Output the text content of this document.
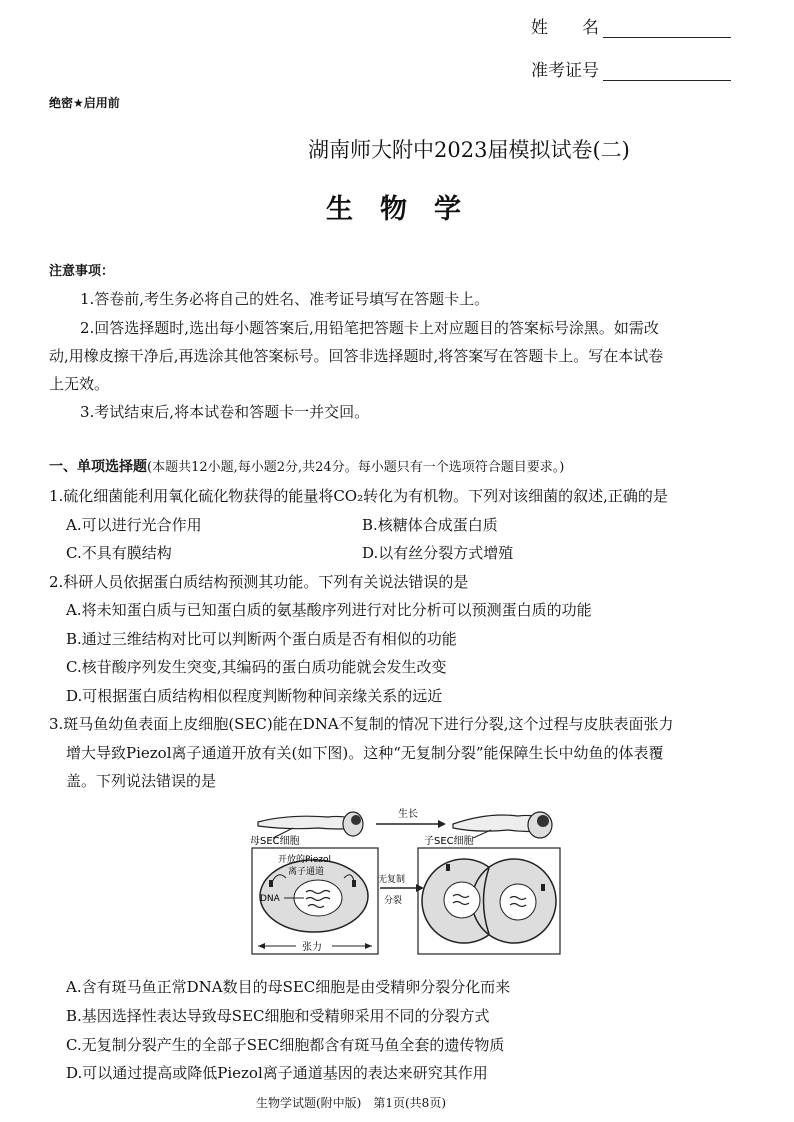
姓　　名
准考证号
绝密★启用前
湖南师大附中2023届模拟试卷(二)
生　物　学
注意事项：
1.答卷前,考生务必将自己的姓名、准考证号填写在答题卡上。
2.回答选择题时,选出每小题答案后,用铅笔把答题卡上对应题目的答案标号涂黑。如需改
动,用橡皮擦干净后,再选涂其他答案标号。回答非选择题时,将答案写在答题卡上。写在本试卷
上无效。
3.考试结束后,将本试卷和答题卡一并交回。
一、单项选择题(本题共12小题,每小题2分,共24分。每小题只有一个选项符合题目要求。)
1.硫化细菌能利用氧化硫化物获得的能量将CO₂转化为有机物。下列对该细菌的叙述,正确的是
A.可以进行光合作用	B.核糖体合成蛋白质
C.不具有膜结构	D.以有丝分裂方式增殖
2.科研人员依据蛋白质结构预测其功能。下列有关说法错误的是
A.将未知蛋白质与已知蛋白质的氨基酸序列进行对比分析可以预测蛋白质的功能
B.通过三维结构对比可以判断两个蛋白质是否有相似的功能
C.核苷酸序列发生突变,其编码的蛋白质功能就会发生改变
D.可根据蛋白质结构相似程度判断物种间亲缘关系的远近
3.斑马鱼幼鱼表面上皮细胞(SEC)能在DNA不复制的情况下进行分裂,这个过程与皮肤表面张力
增大导致Piezol离子通道开放有关(如下图)。这种“无复制分裂”能保障生长中幼鱼的体表覆
盖。下列说法错误的是
生长
母SEC细胞	子SEC细胞
开放的Piezol
离子通道
DNA
张力
无复制
分裂
A.含有斑马鱼正常DNA数目的母SEC细胞是由受精卵分裂分化而来
B.基因选择性表达导致母SEC细胞和受精卵采用不同的分裂方式
C.无复制分裂产生的全部子SEC细胞都含有斑马鱼全套的遗传物质
D.可以通过提高或降低Piezol离子通道基因的表达来研究其作用
生物学试题(附中版)　第1页(共8页)
